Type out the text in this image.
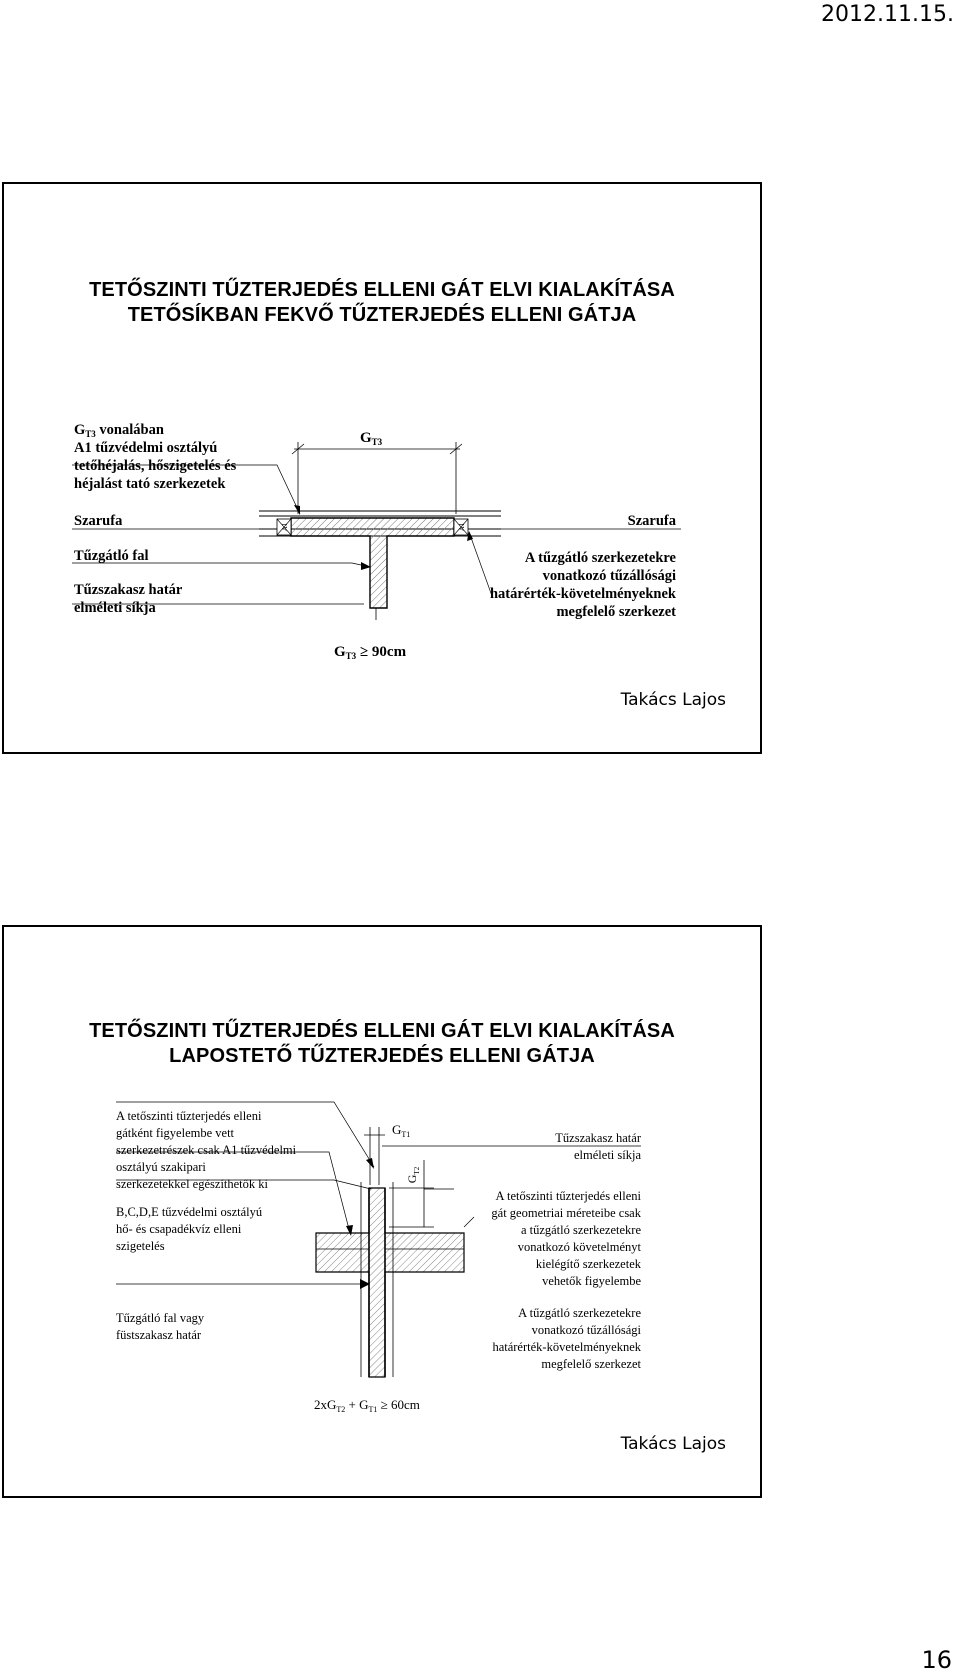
2012.11.15.
TETŐSZINTI TŰZTERJEDÉS ELLENI GÁT ELVI KIALAKÍTÁSA
TETŐSÍKBAN FEKVŐ TŰZTERJEDÉS ELLENI GÁTJA
A1	A1
$G_{T3}$
$G_{T3}$ vonalában
A1 tűzvédelmi osztályú
tetőhéjalás, hőszigetelés és
héjalást tató szerkezetek
Szarufa
Tűzgátló fal
Tűzszakasz határ
elméleti síkja
Szarufa
A tűzgátló szerkezetekre
vonatkozó tűzállósági
határérték-követelményeknek
megfelelő szerkezet
$G_{T3} \ge 90cm$
Takács Lajos
TETŐSZINTI TŰZTERJEDÉS ELLENI GÁT ELVI KIALAKÍTÁSA
LAPOSTETŐ TŰZTERJEDÉS ELLENI GÁTJA
$G_{T1}$
$G_{T2}$
A tetőszinti tűzterjedés elleni
gátként figyelembe vett
szerkezetrészek csak A1 tűzvédelmi
osztályú szakipari
szerkezetekkel egészíthetők ki
B,C,D,E tűzvédelmi osztályú
hő- és csapadékvíz elleni
szigetelés
Tűzgátló fal vagy
füstszakasz határ
Tűzszakasz határ
elméleti síkja
A tetőszinti tűzterjedés elleni
gát geometriai méreteibe csak
a tűzgátló szerkezetekre
vonatkozó követelményt
kielégítő szerkezetek
vehetők figyelembe
A tűzgátló szerkezetekre
vonatkozó tűzállósági
határérték-követelményeknek
megfelelő szerkezet
$2xG_{T2} + G_{T1} \ge 60cm$
Takács Lajos
16
